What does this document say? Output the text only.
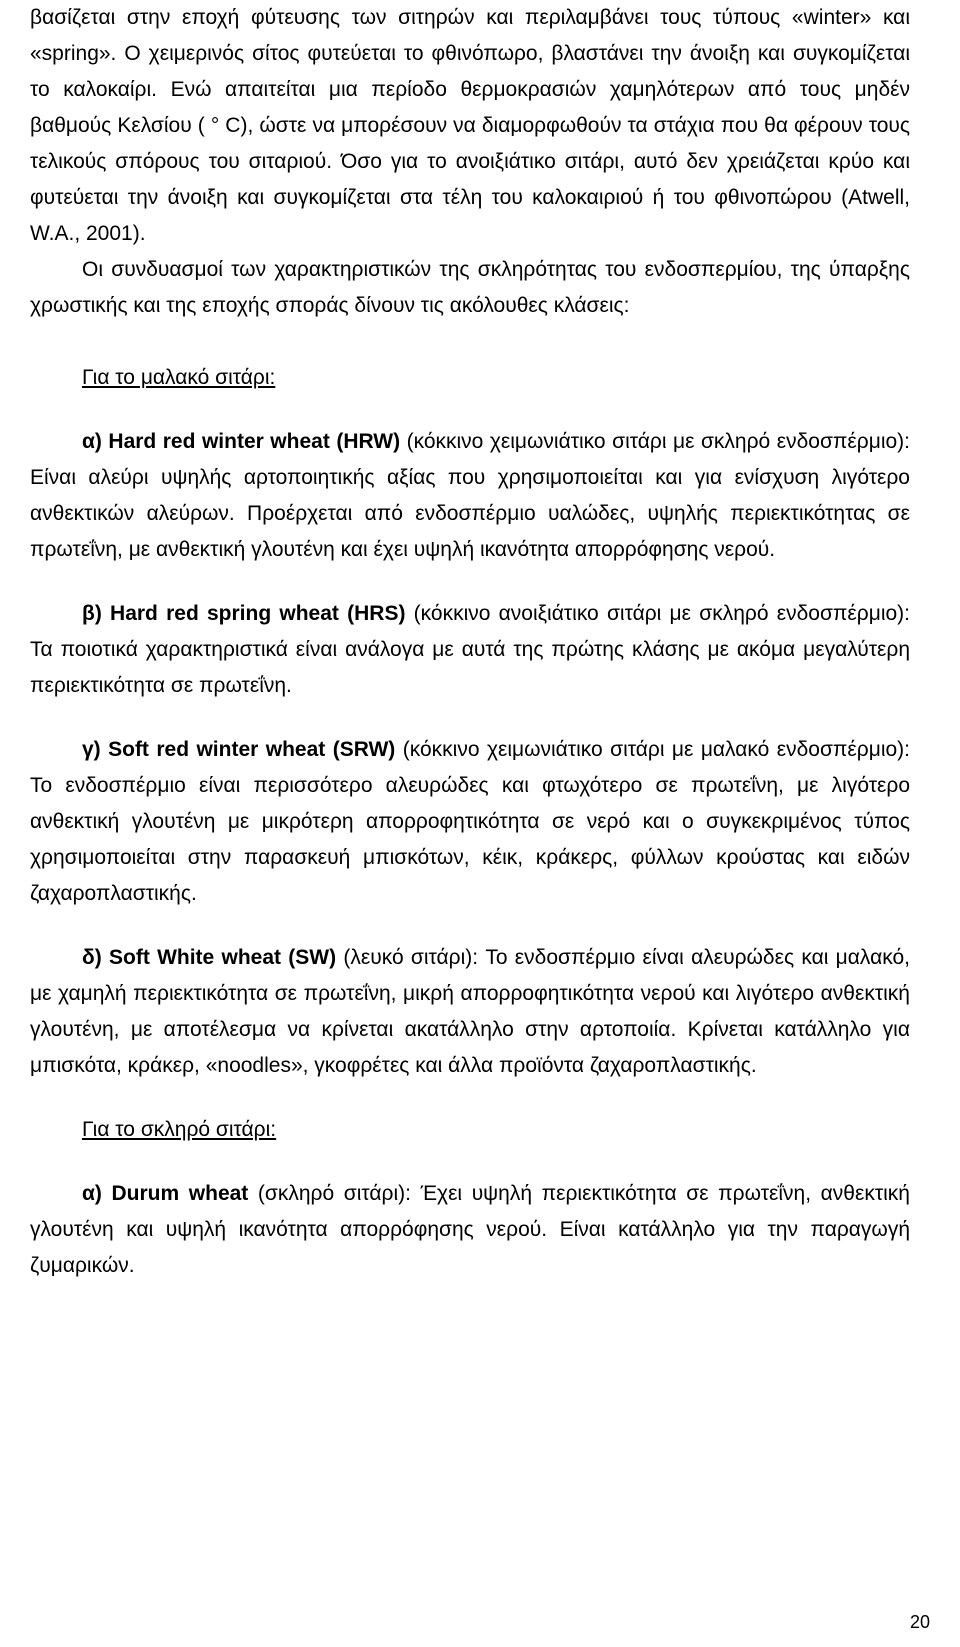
βασίζεται στην εποχή φύτευσης των σιτηρών και περιλαμβάνει τους τύπους «winter» και «spring». Ο χειμερινός σίτος φυτεύεται το φθινόπωρο, βλαστάνει την άνοιξη και συγκομίζεται το καλοκαίρι. Ενώ απαιτείται μια περίοδο θερμοκρασιών χαμηλότερων από τους μηδέν βαθμούς Κελσίου ( ° C), ώστε να μπορέσουν να διαμορφωθούν τα στάχια που θα φέρουν τους τελικούς σπόρους του σιταριού. Όσο για το ανοιξιάτικο σιτάρι, αυτό δεν χρειάζεται κρύο και φυτεύεται την άνοιξη και συγκομίζεται στα τέλη του καλοκαιριού ή του φθινοπώρου (Atwell, W.A., 2001).

Οι συνδυασμοί των χαρακτηριστικών της σκληρότητας του ενδοσπερμίου, της ύπαρξης χρωστικής και της εποχής σποράς δίνουν τις ακόλουθες κλάσεις:

Για το μαλακό σιτάρι:

α) Hard red winter wheat (HRW) (κόκκινο χειμωνιάτικο σιτάρι με σκληρό ενδοσπέρμιο): Είναι αλεύρι υψηλής αρτοποιητικής αξίας που χρησιμοποιείται και για ενίσχυση λιγότερο ανθεκτικών αλεύρων. Προέρχεται από ενδοσπέρμιο υαλώδες, υψηλής περιεκτικότητας σε πρωτεΐνη, με ανθεκτική γλουτένη και έχει υψηλή ικανότητα απορρόφησης νερού.

β) Hard red spring wheat (HRS) (κόκκινο ανοιξιάτικο σιτάρι με σκληρό ενδοσπέρμιο): Τα ποιοτικά χαρακτηριστικά είναι ανάλογα με αυτά της πρώτης κλάσης με ακόμα μεγαλύτερη περιεκτικότητα σε πρωτεΐνη.

γ) Soft red winter wheat (SRW) (κόκκινο χειμωνιάτικο σιτάρι με μαλακό ενδοσπέρμιο): Το ενδοσπέρμιο είναι περισσότερο αλευρώδες και φτωχότερο σε πρωτεΐνη, με λιγότερο ανθεκτική γλουτένη με μικρότερη απορροφητικότητα σε νερό και ο συγκεκριμένος τύπος χρησιμοποιείται στην παρασκευή μπισκότων, κέικ, κράκερς, φύλλων κρούστας και ειδών ζαχαροπλαστικής.

δ) Soft White wheat (SW) (λευκό σιτάρι): Το ενδοσπέρμιο είναι αλευρώδες και μαλακό, με χαμηλή περιεκτικότητα σε πρωτεΐνη, μικρή απορροφητικότητα νερού και λιγότερο ανθεκτική γλουτένη, με αποτέλεσμα να κρίνεται ακατάλληλο στην αρτοποιία. Κρίνεται κατάλληλο για μπισκότα, κράκερ, «noodles», γκοφρέτες και άλλα προϊόντα ζαχαροπλαστικής.

Για το σκληρό σιτάρι:

α) Durum wheat (σκληρό σιτάρι): Έχει υψηλή περιεκτικότητα σε πρωτεΐνη, ανθεκτική γλουτένη και υψηλή ικανότητα απορρόφησης νερού. Είναι κατάλληλο για την παραγωγή ζυμαρικών.

20
